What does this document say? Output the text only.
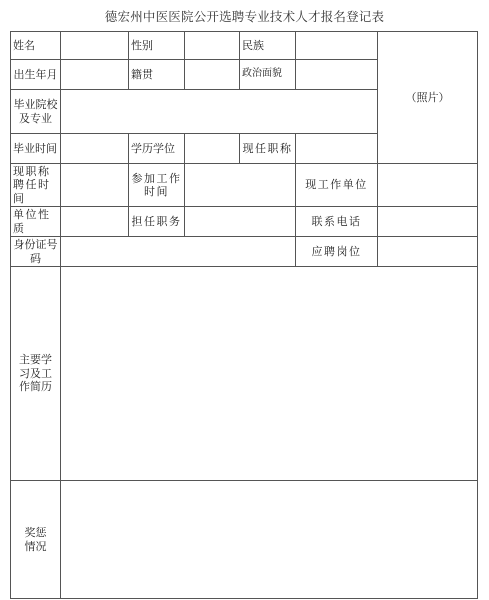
德宏州中医医院公开选聘专业技术人才报名登记表
姓名		性别		民族		（照片）
出生年月		籍贯		政治面貌		
毕业院校及专业						
毕业时间		学历学位		现任职称		
现职称聘任时间		参加工作时间			现工作单位	
单位性质		担任职务			联系电话	
身份证号码					应聘岗位	
主要学习及工作简历						
奖惩情况						
